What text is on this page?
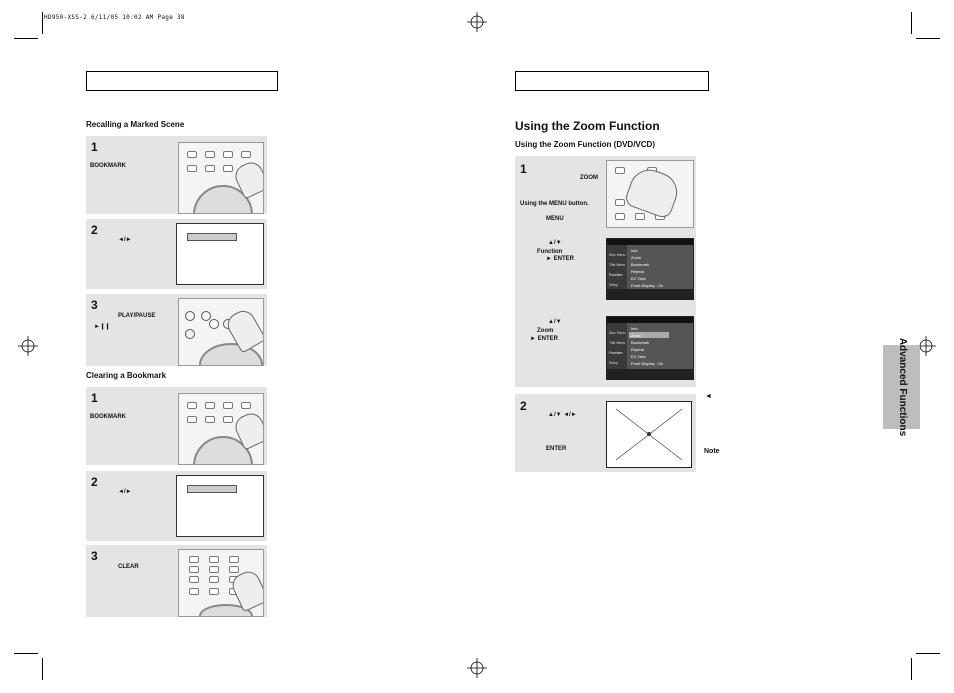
HD950-XSS-2 6/11/05 10:02 AM Page 38
Recalling a Marked Scene
1
BOOKMARK
2
◄/►
3
PLAY/PAUSE
►❙❙
Clearing a Bookmark
1
BOOKMARK
2
◄/►
3
CLEAR
Using the Zoom Function
Using the Zoom Function (DVD/VCD)
1
ZOOM
Using the MENU button.
MENU
▲/▼
Function
► ENTER
Disc Menu
Title Menu
Function
Setup
Info
Zoom
Bookmark
Repeat
EZ View
Front Display : On
▲/▼
Zoom
► ENTER
Disc Menu
Title Menu
Function
Setup
Info
Zoom
Bookmark
Repeat
EZ View
Front Display : On
2
▲/▼ ◄/►
ENTER
◄
Note
Advanced Functions
